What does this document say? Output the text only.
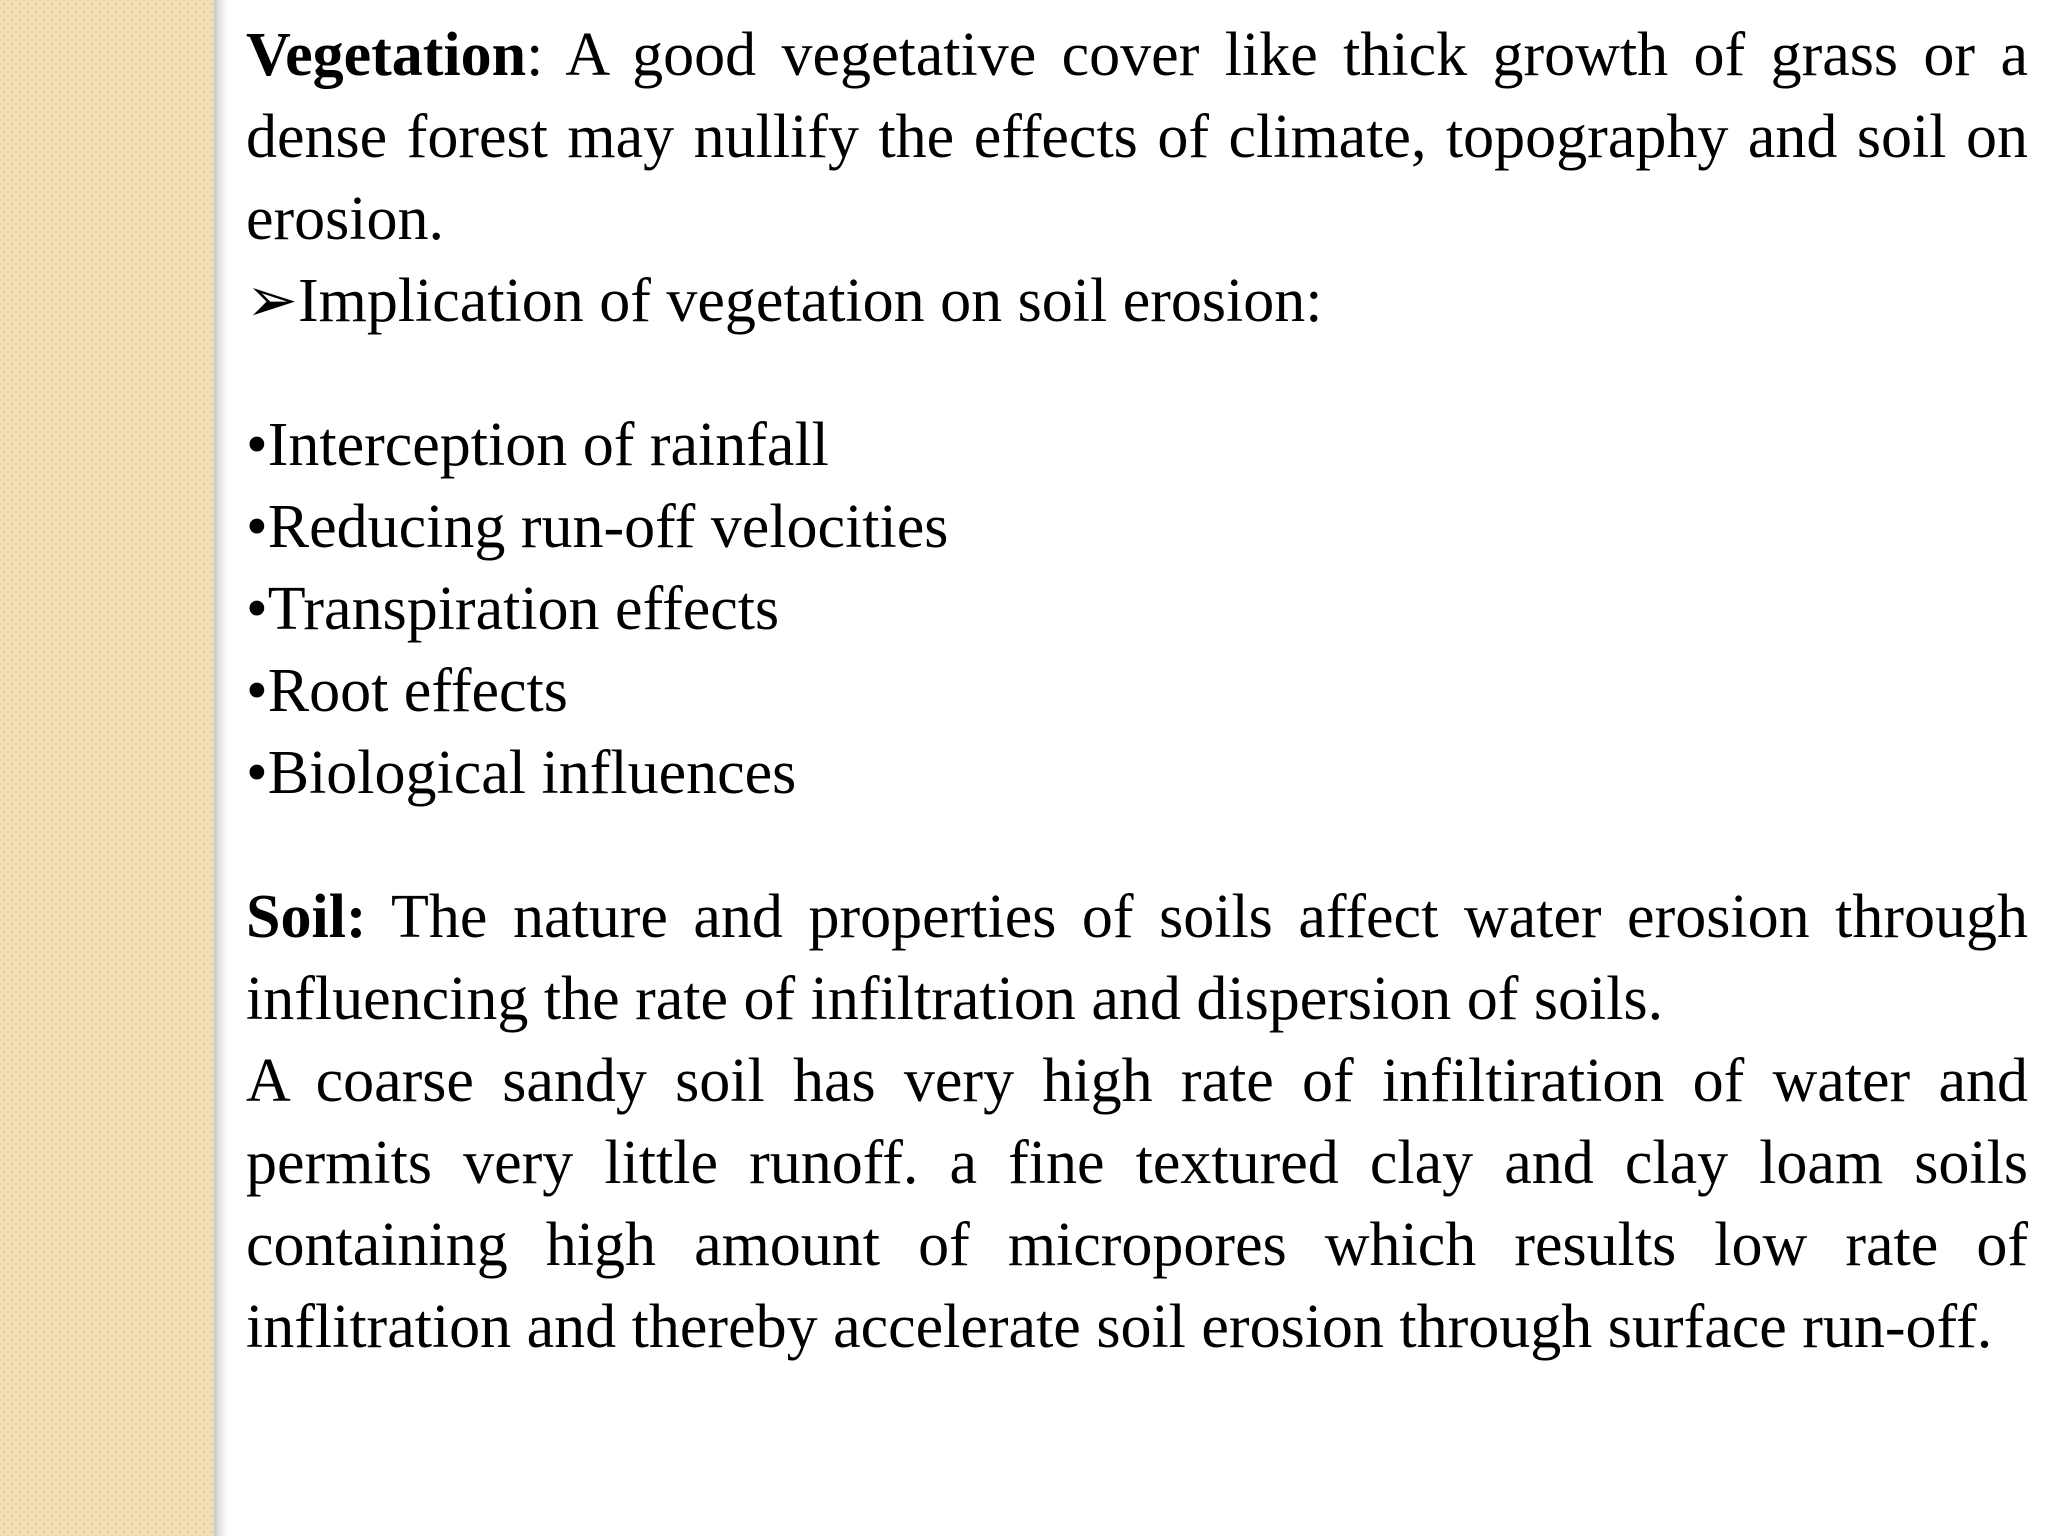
Vegetation: A good vegetative cover like thick growth of grass or a dense forest may nullify the effects of climate, topography and soil on erosion.

➢Implication of vegetation on soil erosion:

•Interception of rainfall

•Reducing run-off velocities

•Transpiration effects

•Root effects

•Biological influences

Soil: The nature and properties of soils affect water erosion through influencing the rate of infiltration and dispersion of soils.

A coarse sandy soil has very high rate of infiltiration of water and permits very little runoff. a fine textured clay and clay loam soils containing high amount of micropores which results low rate of inflitration and thereby accelerate soil erosion through surface run-off.
